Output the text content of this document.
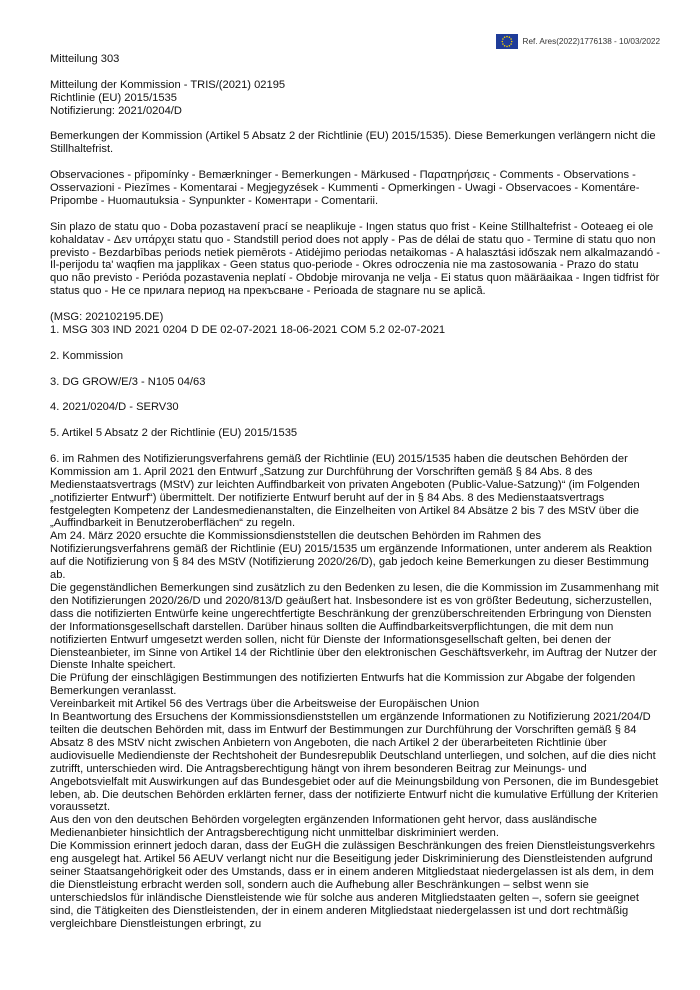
Ref. Ares(2022)1776138 - 10/03/2022

Mitteilung 303

Mitteilung der Kommission - TRIS/(2021) 02195

Richtlinie (EU) 2015/1535

Notifizierung: 2021/0204/D

Bemerkungen der Kommission (Artikel 5 Absatz 2 der Richtlinie (EU) 2015/1535). Diese Bemerkungen verlängern nicht die Stillhaltefrist.

Observaciones - připomínky - Bemærkninger - Bemerkungen - Märkused - Παρατηρήσεις - Comments - Observations - Osservazioni - Piezīmes - Komentarai - Megjegyzések - Kummenti - Opmerkingen - Uwagi - Observacoes - Komentáre-Pripombe - Huomautuksia - Synpunkter - Коментари - Comentarii.

Sin plazo de statu quo - Doba pozastavení prací se neaplikuje - Ingen status quo frist - Keine Stillhaltefrist - Ooteaeg ei ole kohaldatav - Δεν υπάρχει statu quo - Standstill period does not apply - Pas de délai de statu quo - Termine di statu quo non previsto - Bezdarbības periods netiek piemērots - Atidėjimo periodas netaikomas - A halasztási időszak nem alkalmazandó - Il-perijodu ta' waqfien ma japplikax - Geen status quo-periode - Okres odroczenia nie ma zastosowania - Prazo do statu quo não previsto - Perióda pozastavenia neplatí - Obdobje mirovanja ne velja - Ei status quon määräaikaa - Ingen tidfrist för status quo - Не се прилага период на прекъсване - Perioada de stagnare nu se aplică.

(MSG: 202102195.DE)

1. MSG 303 IND 2021 0204 D DE 02-07-2021 18-06-2021 COM 5.2 02-07-2021

2. Kommission

3. DG GROW/E/3 - N105 04/63

4. 2021/0204/D - SERV30

5. Artikel 5 Absatz 2 der Richtlinie (EU) 2015/1535

6. im Rahmen des Notifizierungsverfahrens gemäß der Richtlinie (EU) 2015/1535 haben die deutschen Behörden der Kommission am 1. April 2021 den Entwurf „Satzung zur Durchführung der Vorschriften gemäß § 84 Abs. 8 des Medienstaatsvertrags (MStV) zur leichten Auffindbarkeit von privaten Angeboten (Public-Value-Satzung)“ (im Folgenden „notifizierter Entwurf“) übermittelt. Der notifizierte Entwurf beruht auf der in § 84 Abs. 8 des Medienstaatsvertrags festgelegten Kompetenz der Landesmedienanstalten, die Einzelheiten von Artikel 84 Absätze 2 bis 7 des MStV über die „Auffindbarkeit in Benutzeroberflächen“ zu regeln.

Am 24. März 2020 ersuchte die Kommissionsdienststellen die deutschen Behörden im Rahmen des Notifizierungsverfahrens gemäß der Richtlinie (EU) 2015/1535 um ergänzende Informationen, unter anderem als Reaktion auf die Notifizierung von § 84 des MStV (Notifizierung 2020/26/D), gab jedoch keine Bemerkungen zu dieser Bestimmung ab.

Die gegenständlichen Bemerkungen sind zusätzlich zu den Bedenken zu lesen, die die Kommission im Zusammenhang mit den Notifizierungen 2020/26/D und 2020/813/D geäußert hat. Insbesondere ist es von größter Bedeutung, sicherzustellen, dass die notifizierten Entwürfe keine ungerechtfertigte Beschränkung der grenzüberschreitenden Erbringung von Diensten der Informationsgesellschaft darstellen. Darüber hinaus sollten die Auffindbarkeitsverpflichtungen, die mit dem nun notifizierten Entwurf umgesetzt werden sollen, nicht für Dienste der Informationsgesellschaft gelten, bei denen der Diensteanbieter, im Sinne von Artikel 14 der Richtlinie über den elektronischen Geschäftsverkehr, im Auftrag der Nutzer der Dienste Inhalte speichert.

Die Prüfung der einschlägigen Bestimmungen des notifizierten Entwurfs hat die Kommission zur Abgabe der folgenden Bemerkungen veranlasst.

Vereinbarkeit mit Artikel 56 des Vertrags über die Arbeitsweise der Europäischen Union

In Beantwortung des Ersuchens der Kommissionsdienststellen um ergänzende Informationen zu Notifizierung 2021/204/D teilten die deutschen Behörden mit, dass im Entwurf der Bestimmungen zur Durchführung der Vorschriften gemäß § 84 Absatz 8 des MStV nicht zwischen Anbietern von Angeboten, die nach Artikel 2 der überarbeiteten Richtlinie über audiovisuelle Mediendienste der Rechtshoheit der Bundesrepublik Deutschland unterliegen, und solchen, auf die dies nicht zutrifft, unterschieden wird. Die Antragsberechtigung hängt von ihrem besonderen Beitrag zur Meinungs- und Angebotsvielfalt mit Auswirkungen auf das Bundesgebiet oder auf die Meinungsbildung von Personen, die im Bundesgebiet leben, ab. Die deutschen Behörden erklärten ferner, dass der notifizierte Entwurf nicht die kumulative Erfüllung der Kriterien voraussetzt.

Aus den von den deutschen Behörden vorgelegten ergänzenden Informationen geht hervor, dass ausländische Medienanbieter hinsichtlich der Antragsberechtigung nicht unmittelbar diskriminiert werden.

Die Kommission erinnert jedoch daran, dass der EuGH die zulässigen Beschränkungen des freien Dienstleistungsverkehrs eng ausgelegt hat. Artikel 56 AEUV verlangt nicht nur die Beseitigung jeder Diskriminierung des Dienstleistenden aufgrund seiner Staatsangehörigkeit oder des Umstands, dass er in einem anderen Mitgliedstaat niedergelassen ist als dem, in dem die Dienstleistung erbracht werden soll, sondern auch die Aufhebung aller Beschränkungen – selbst wenn sie unterschiedslos für inländische Dienstleistende wie für solche aus anderen Mitgliedstaaten gelten –, sofern sie geeignet sind, die Tätigkeiten des Dienstleistenden, der in einem anderen Mitgliedstaat niedergelassen ist und dort rechtmäßig vergleichbare Dienstleistungen erbringt, zu
